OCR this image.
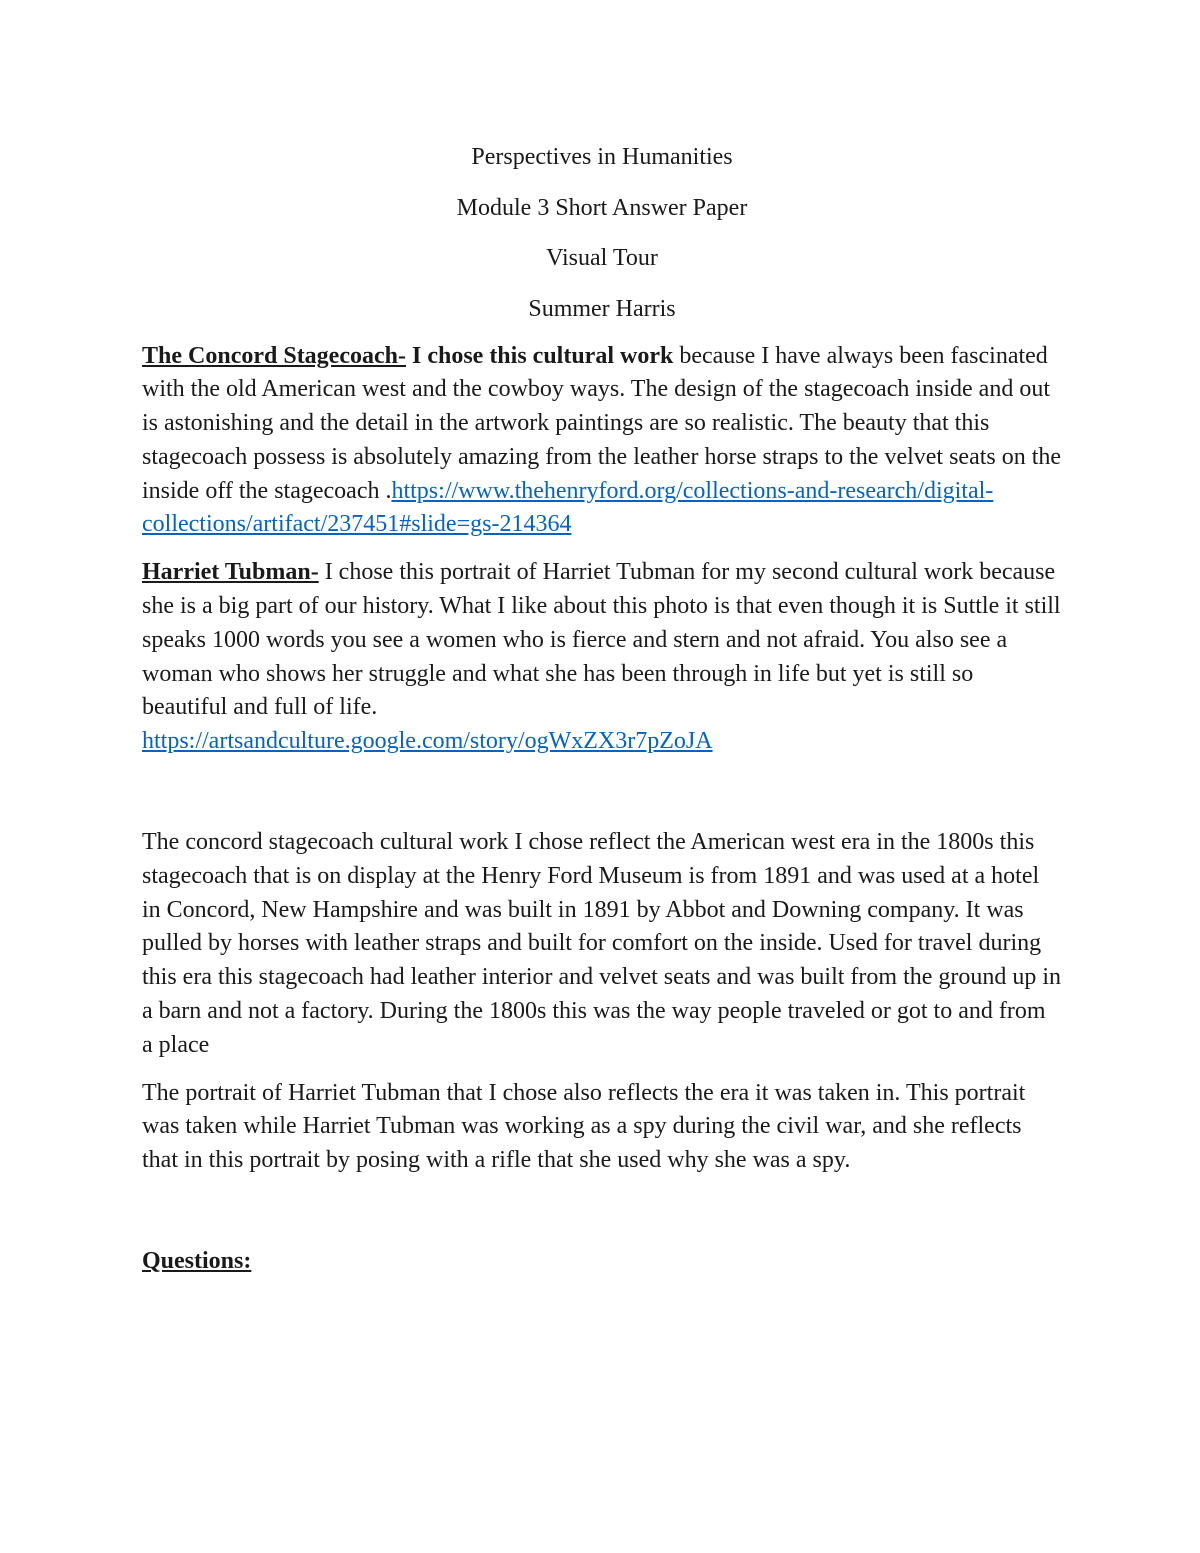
Perspectives in Humanities

Module 3 Short Answer Paper

Visual Tour

Summer Harris

The Concord Stagecoach- I chose this cultural work because I have always been fascinated with the old American west and the cowboy ways. The design of the stagecoach inside and out is astonishing and the detail in the artwork paintings are so realistic. The beauty that this stagecoach possess is absolutely amazing from the leather horse straps to the velvet seats on the inside off the stagecoach .https://www.thehenryford.org/collections-and-research/digital-collections/artifact/237451#slide=gs-214364

Harriet Tubman- I chose this portrait of Harriet Tubman for my second cultural work because she is a big part of our history. What I like about this photo is that even though it is Suttle it still speaks 1000 words you see a women who is fierce and stern and not afraid. You also see a woman who shows her struggle and what she has been through in life but yet is still so beautiful and full of life.
https://artsandculture.google.com/story/ogWxZX3r7pZoJA

The concord stagecoach cultural work I chose reflect the American west era in the 1800s this stagecoach that is on display at the Henry Ford Museum is from 1891 and was used at a hotel in Concord, New Hampshire and was built in 1891 by Abbot and Downing company. It was pulled by horses with leather straps and built for comfort on the inside. Used for travel during this era this stagecoach had leather interior and velvet seats and was built from the ground up in a barn and not a factory. During the 1800s this was the way people traveled or got to and from a place

The portrait of Harriet Tubman that I chose also reflects the era it was taken in. This portrait was taken while Harriet Tubman was working as a spy during the civil war, and she reflects that in this portrait by posing with a rifle that she used why she was a spy.

Questions:
